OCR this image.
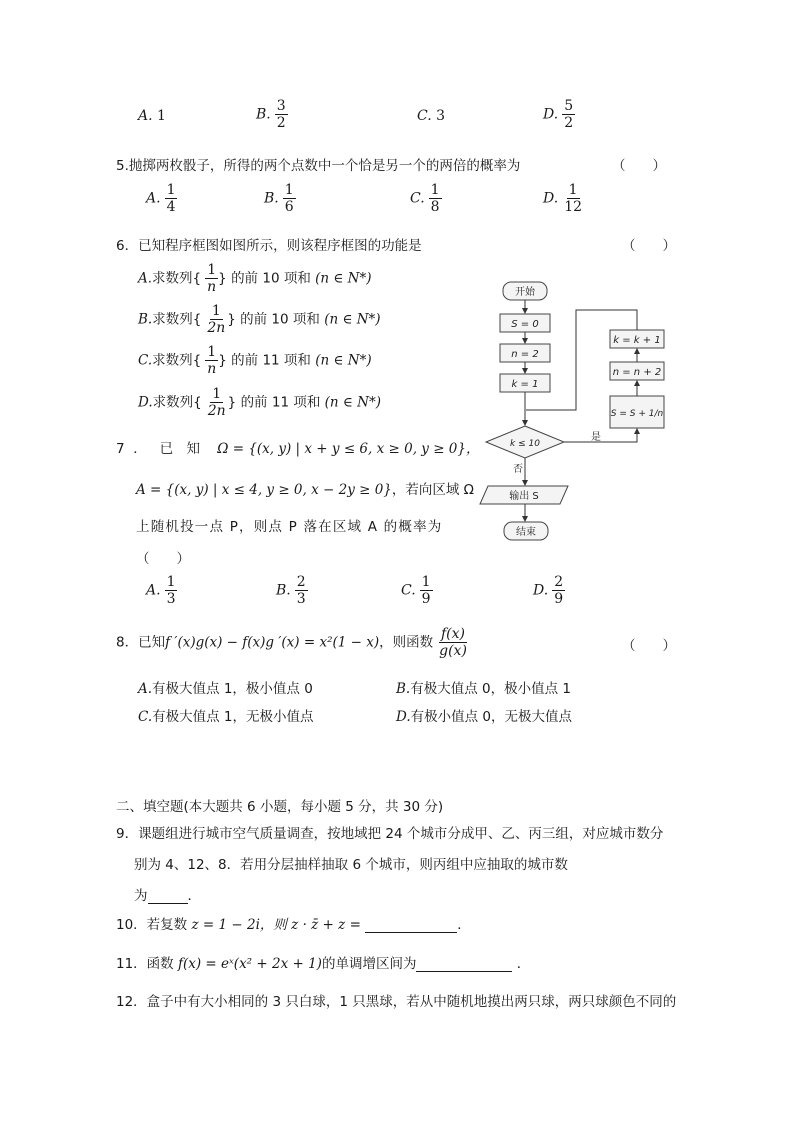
A. 1	B. $\frac{3}{2}$	C. 3	D. $\frac{5}{2}$
5.抛掷两枚骰子，所得的两个点数中一个恰是另一个的两倍的概率为	（　　）
A. $\frac{1}{4}$	B. $\frac{1}{6}$	C. $\frac{1}{8}$	D. $\frac{1}{12}$
6．已知程序框图如图所示，则该程序框图的功能是	（　　）
A.求数列{ $\frac{1}{n}$ } 的前 10 项和 (n ∈ N*)
B.求数列{ $\frac{1}{2n}$ } 的前 10 项和 (n ∈ N*)
C.求数列{ $\frac{1}{n}$ } 的前 11 项和 (n ∈ N*)
D.求数列{ $\frac{1}{2n}$ } 的前 11 项和 (n ∈ N*)
开始
S = 0
n = 2
k = 1
k ≤ 10
输出 S
结束
k = k + 1
n = n + 2
S = S + 1/n
是
否
7 ． 已　知 Ω = {(x, y) | x + y ≤ 6, x ≥ 0, y ≥ 0}，
A = {(x, y) | x ≤ 4, y ≥ 0, x − 2y ≥ 0}，若向区域 Ω
上随机投一点 P，则点 P 落在区域 A 的概率为
（　　）
A. $\frac{1}{3}$	B. $\frac{2}{3}$	C. $\frac{1}{9}$	D. $\frac{2}{9}$
8．已知f ′(x)g(x) − f(x)g ′(x) = x²(1 − x)，则函数 $\frac{f(x)}{g(x)}$	（　　）
A.有极大值点 1，极小值点 0	B.有极大值点 0，极小值点 1
C.有极大值点 1，无极小值点	D.有极小值点 0，无极大值点
二、填空题(本大题共 6 小题，每小题 5 分，共 30 分)
9．课题组进行城市空气质量调查，按地域把 24 个城市分成甲、乙、丙三组，对应城市数分
别为 4、12、8．若用分层抽样抽取 6 个城市，则丙组中应抽取的城市数
为	．
10．若复数 z = 1 − 2i，则 z · z̄ + z =	．
11．函数 f(x) = eˣ(x² + 2x + 1)的单调增区间为	．
12．盒子中有大小相同的 3 只白球，1 只黑球，若从中随机地摸出两只球，两只球颜色不同的
